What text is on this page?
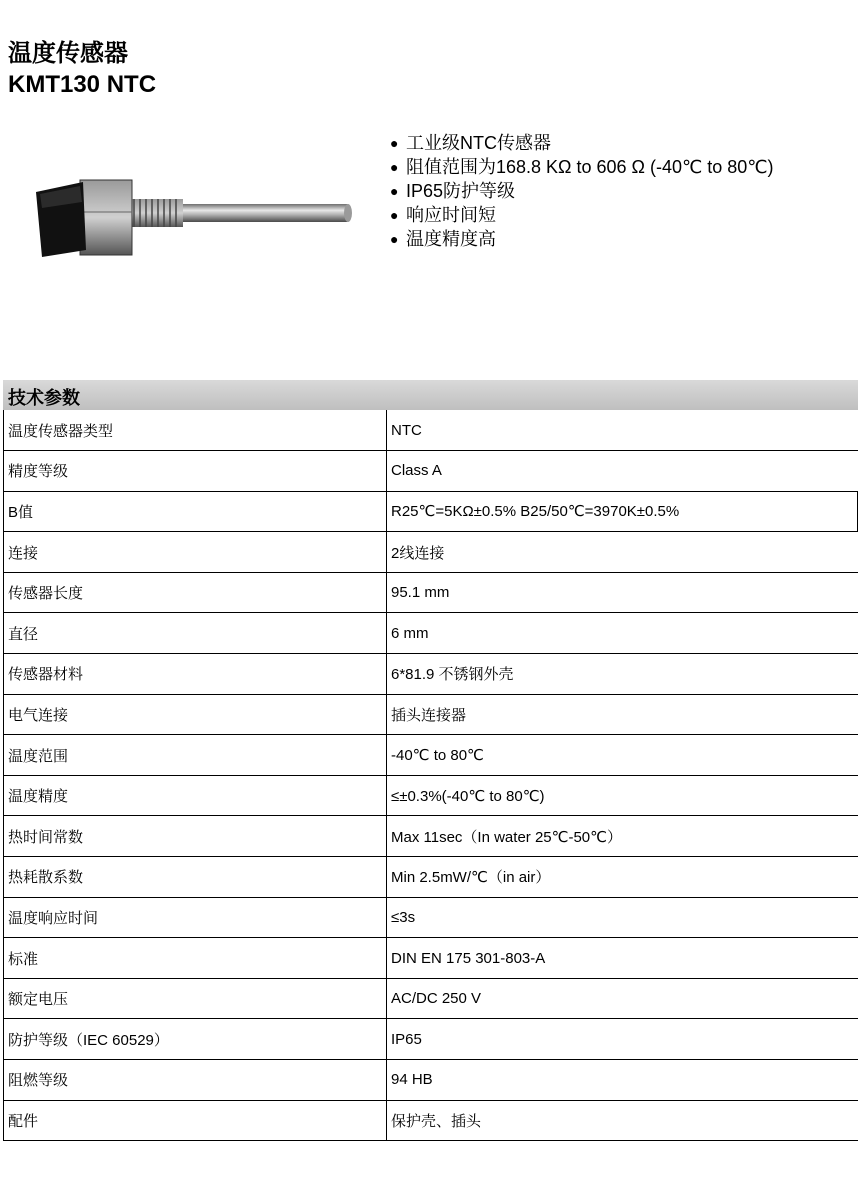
温度传感器
KMT130 NTC
● 工业级NTC传感器
● 阻值范围为168.8 KΩ to 606 Ω (-40℃ to 80℃)
● IP65防护等级
● 响应时间短
● 温度精度高
技术参数
温度传感器类型	NTC
精度等级	Class A
B值	R25℃=5KΩ±0.5% B25/50℃=3970K±0.5%
连接	2线连接
传感器长度	95.1 mm
直径	6 mm
传感器材料	6*81.9 不锈钢外壳
电气连接	插头连接器
温度范围	-40℃ to 80℃
温度精度	≤±0.3%(-40℃ to 80℃)
热时间常数	Max 11sec（In water 25℃-50℃）
热耗散系数	Min 2.5mW/℃（in air）
温度响应时间	≤3s
标准	DIN EN 175 301-803-A
额定电压	AC/DC 250 V
防护等级（IEC 60529）	IP65
阻燃等级	94 HB
配件	保护壳、插头
